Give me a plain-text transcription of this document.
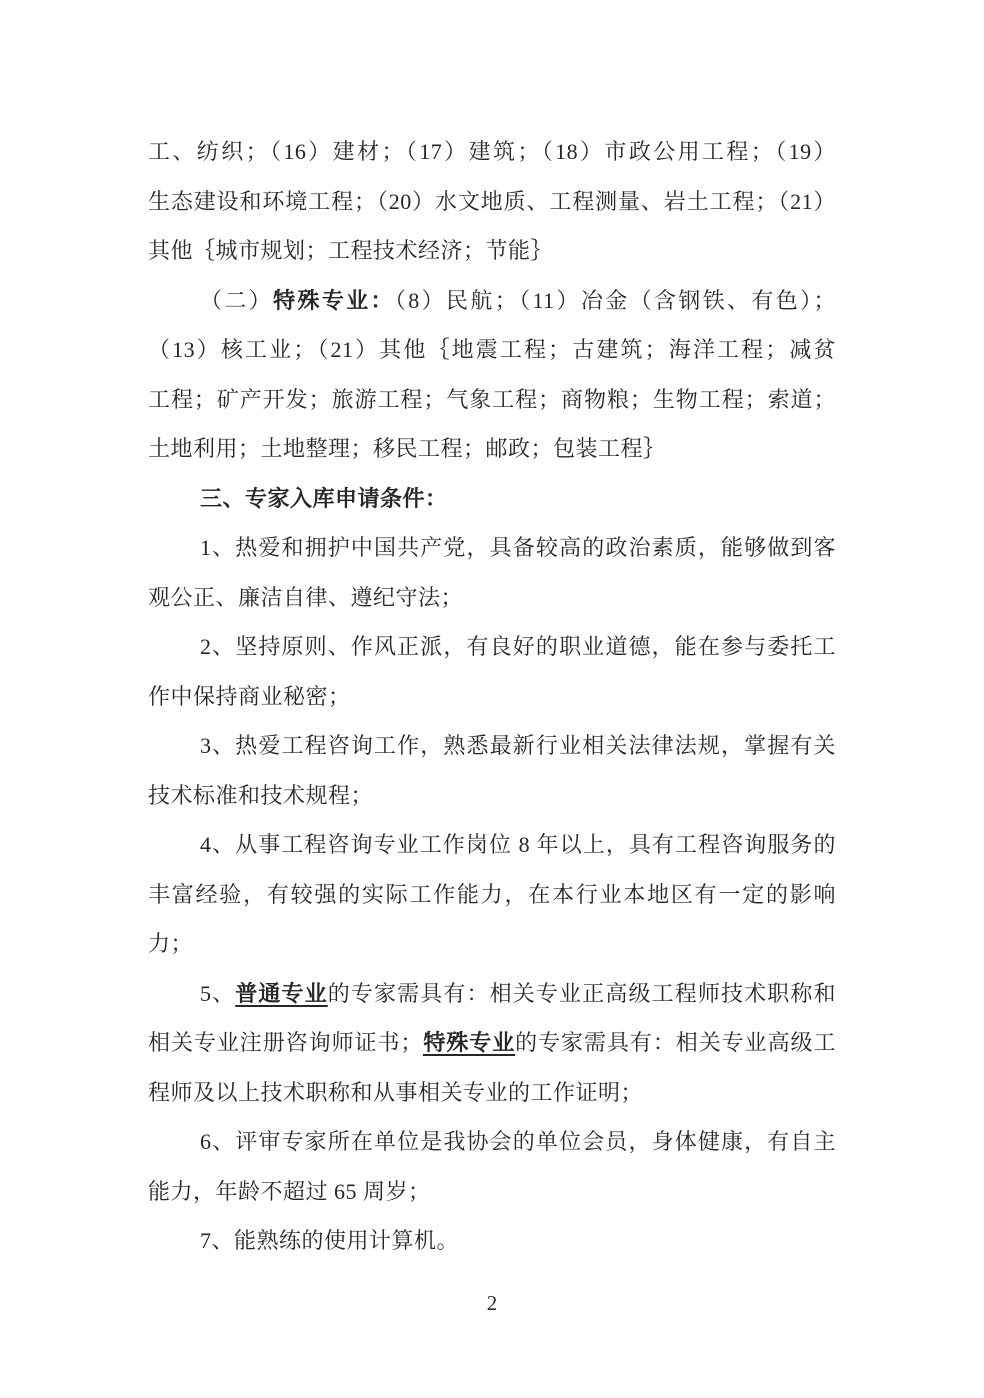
工、纺织；（16）建材；（17）建筑；（18）市政公用工程；（19）
生态建设和环境工程；（20）水文地质、工程测量、岩土工程；（21）
其他｛城市规划；工程技术经济；节能｝
（二）特殊专业：（8）民航；（11）冶金（含钢铁、有色）；
（13）核工业；（21）其他｛地震工程；古建筑；海洋工程；减贫
工程；矿产开发；旅游工程；气象工程；商物粮；生物工程；索道；
土地利用；土地整理；移民工程；邮政；包装工程｝
三、专家入库申请条件：
1、热爱和拥护中国共产党，具备较高的政治素质，能够做到客
观公正、廉洁自律、遵纪守法；
2、坚持原则、作风正派，有良好的职业道德，能在参与委托工
作中保持商业秘密；
3、热爱工程咨询工作，熟悉最新行业相关法律法规，掌握有关
技术标准和技术规程；
4、从事工程咨询专业工作岗位 8 年以上，具有工程咨询服务的
丰富经验，有较强的实际工作能力，在本行业本地区有一定的影响
力；
5、普通专业的专家需具有：相关专业正高级工程师技术职称和
相关专业注册咨询师证书；特殊专业的专家需具有：相关专业高级工
程师及以上技术职称和从事相关专业的工作证明；
6、评审专家所在单位是我协会的单位会员，身体健康，有自主
能力，年龄不超过 65 周岁；
7、能熟练的使用计算机。
2
